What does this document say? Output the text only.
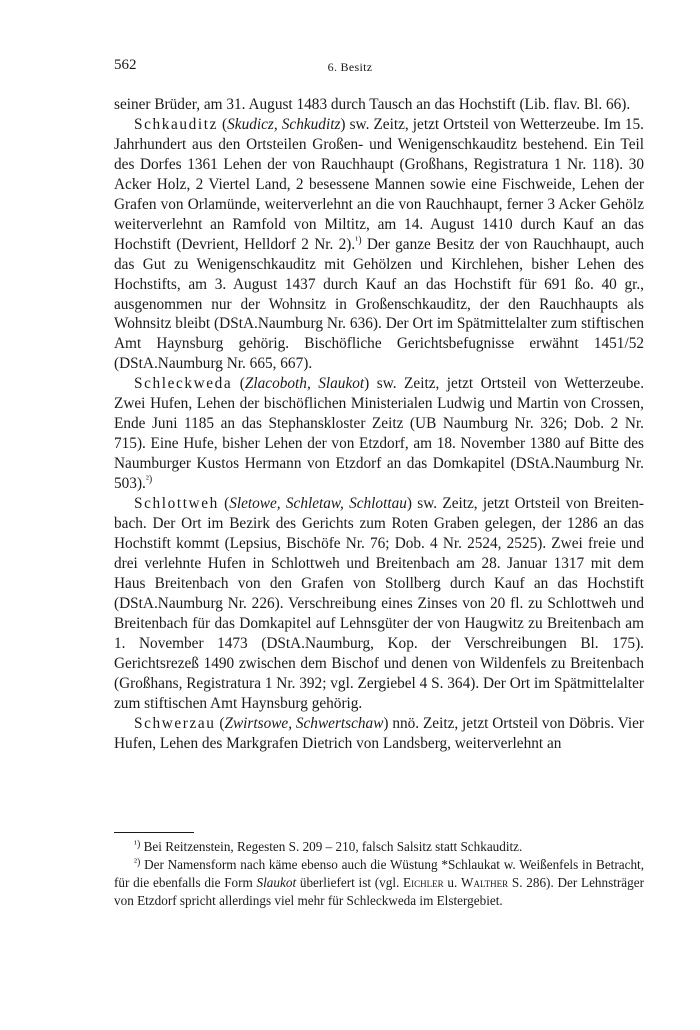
562	6. Besitz

seiner Brüder, am 31. August 1483 durch Tausch an das Hochstift (Lib. flav. Bl. 66).

Schkauditz (Skudicz, Schkuditz) sw. Zeitz, jetzt Ortsteil von Wetterzeube. Im 15. Jahrhundert aus den Ortsteilen Großen- und Wenigenschkauditz bestehend. Ein Teil des Dorfes 1361 Lehen der von Rauchhaupt (Großhans, Registratura 1 Nr. 118). 30 Acker Holz, 2 Viertel Land, 2 besessene Mannen sowie eine Fischweide, Lehen der Grafen von Orlamünde, weiterverlehnt an die von Rauchhaupt, ferner 3 Acker Gehölz weiterverlehnt an Ramfold von Miltitz, am 14. August 1410 durch Kauf an das Hochstift (Devrient, Helldorf 2 Nr. 2).$^{^1)}$ Der ganze Besitz der von Rauchhaupt, auch das Gut zu Wenigenschkauditz mit Gehölzen und Kirchlehen, bisher Lehen des Hochstifts, am 3. August 1437 durch Kauf an das Hochstift für 691 ßo. 40 gr., ausgenommen nur der Wohnsitz in Großenschkauditz, der den Rauchhaupts als Wohnsitz bleibt (DStA.Naumburg Nr. 636). Der Ort im Spätmittelalter zum stiftischen Amt Haynsburg gehörig. Bischöfliche Gerichtsbefugnisse erwähnt 1451/52 (DStA.Naumburg Nr. 665, 667).

Schleckweda (Zlacoboth, Slaukot) sw. Zeitz, jetzt Ortsteil von Wetterzeube. Zwei Hufen, Lehen der bischöflichen Ministerialen Ludwig und Martin von Crossen, Ende Juni 1185 an das Stephanskloster Zeitz (UB Naumburg Nr. 326; Dob. 2 Nr. 715). Eine Hufe, bisher Lehen der von Etzdorf, am 18. November 1380 auf Bitte des Naumburger Kustos Hermann von Etzdorf an das Domkapitel (DStA.Naumburg Nr. 503).$^{^2)}$

Schlottweh (Sletowe, Schletaw, Schlottau) sw. Zeitz, jetzt Ortsteil von Breitenbach. Der Ort im Bezirk des Gerichts zum Roten Graben gelegen, der 1286 an das Hochstift kommt (Lepsius, Bischöfe Nr. 76; Dob. 4 Nr. 2524, 2525). Zwei freie und drei verlehnte Hufen in Schlottweh und Breitenbach am 28. Januar 1317 mit dem Haus Breitenbach von den Grafen von Stollberg durch Kauf an das Hochstift (DStA.Naumburg Nr. 226). Verschreibung eines Zinses von 20 fl. zu Schlottweh und Breitenbach für das Domkapitel auf Lehnsgüter der von Haugwitz zu Breitenbach am 1. November 1473 (DStA.Naumburg, Kop. der Verschreibungen Bl. 175). Gerichtsrezeß 1490 zwischen dem Bischof und denen von Wildenfels zu Breitenbach (Großhans, Registratura 1 Nr. 392; vgl. Zergiebel 4 S. 364). Der Ort im Spätmittelalter zum stiftischen Amt Haynsburg gehörig.

Schwerzau (Zwirtsowe, Schwertschaw) nnö. Zeitz, jetzt Ortsteil von Döbris. Vier Hufen, Lehen des Markgrafen Dietrich von Landsberg, weiterverlehnt an

$^{^1)}$ Bei Reitzenstein, Regesten S. 209 – 210, falsch Salsitz statt Schkauditz.

$^{^2)}$ Der Namensform nach käme ebenso auch die Wüstung *Schlaukat w. Weißenfels in Betracht, für die ebenfalls die Form Slaukot überliefert ist (vgl. Eichler u. Walther S. 286). Der Lehnsträger von Etzdorf spricht allerdings viel mehr für Schleckweda im Elstergebiet.
